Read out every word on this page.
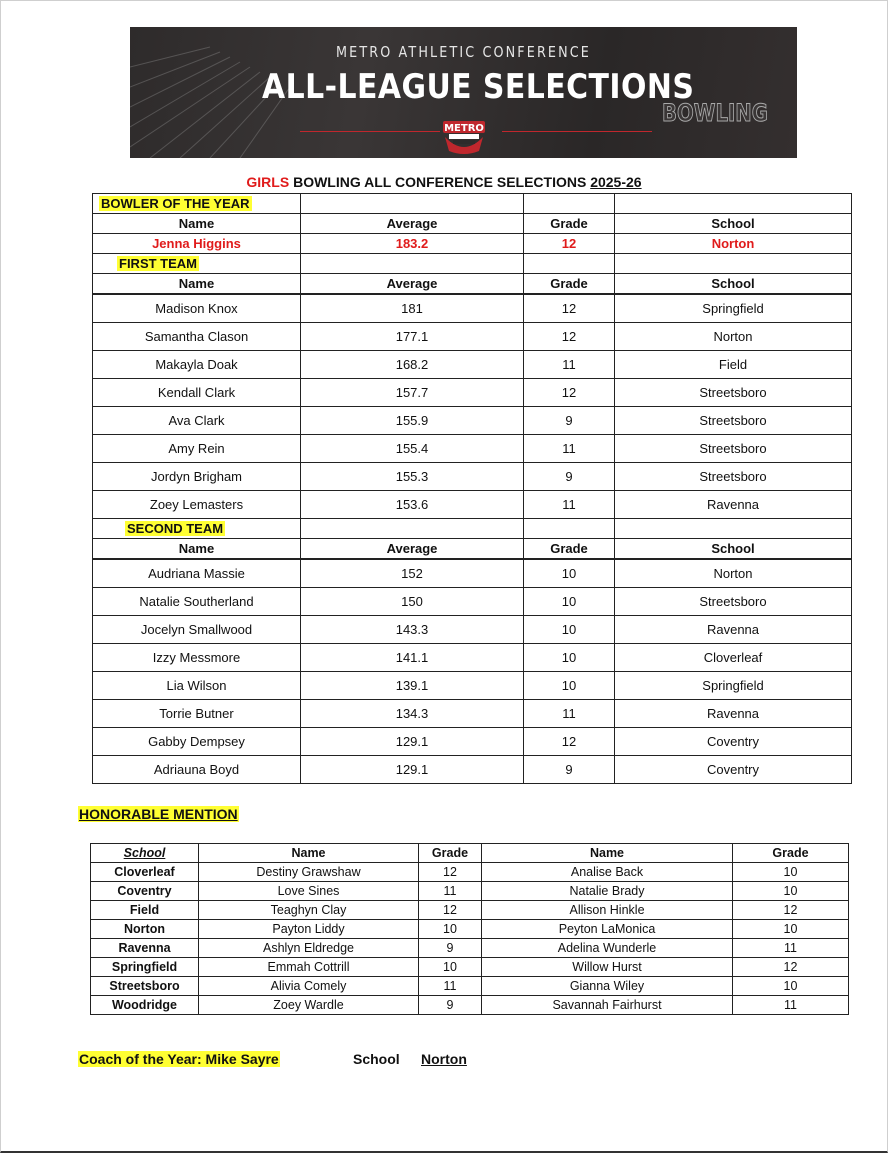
METRO ATHLETIC CONFERENCE
ALL-LEAGUE SELECTIONS
BOWLING
METRO
GIRLS BOWLING ALL CONFERENCE SELECTIONS 2025-26
BOWLER OF THE YEAR			
Name	Average	Grade	School
Jenna Higgins	183.2	12	Norton
FIRST TEAM			
Name	Average	Grade	School
Madison Knox	181	12	Springfield
Samantha Clason	177.1	12	Norton
Makayla Doak	168.2	11	Field
Kendall Clark	157.7	12	Streetsboro
Ava Clark	155.9	9	Streetsboro
Amy Rein	155.4	11	Streetsboro
Jordyn Brigham	155.3	9	Streetsboro
Zoey Lemasters	153.6	11	Ravenna
SECOND TEAM			
Name	Average	Grade	School
Audriana Massie	152	10	Norton
Natalie Southerland	150	10	Streetsboro
Jocelyn Smallwood	143.3	10	Ravenna
Izzy Messmore	141.1	10	Cloverleaf
Lia Wilson	139.1	10	Springfield
Torrie Butner	134.3	11	Ravenna
Gabby Dempsey	129.1	12	Coventry
Adriauna Boyd	129.1	9	Coventry
HONORABLE MENTION
School	Name	Grade	Name	Grade
Cloverleaf	Destiny Grawshaw	12	Analise Back	10
Coventry	Love Sines	11	Natalie Brady	10
Field	Teaghyn Clay	12	Allison Hinkle	12
Norton	Payton Liddy	10	Peyton LaMonica	10
Ravenna	Ashlyn Eldredge	9	Adelina Wunderle	11
Springfield	Emmah Cottrill	10	Willow Hurst	12
Streetsboro	Alivia Comely	11	Gianna Wiley	10
Woodridge	Zoey Wardle	9	Savannah Fairhurst	11
Coach of the Year: Mike Sayre	School Norton
